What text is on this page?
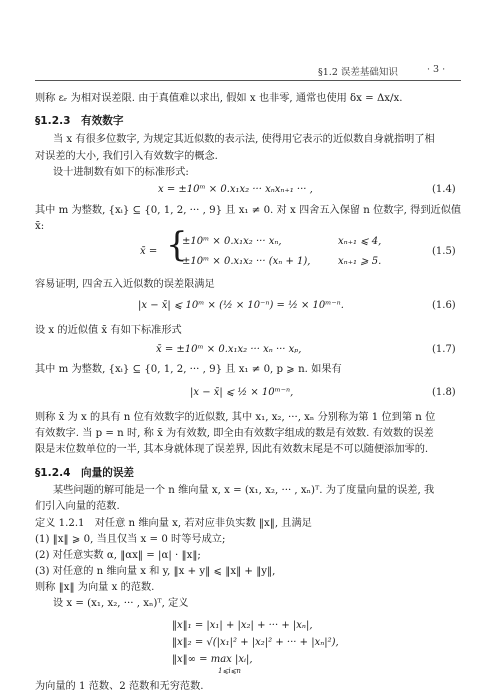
§1.2 误差基础知识	· 3 ·
则称 εᵣ 为相对误差限. 由于真值难以求出, 假如 x 也非零, 通常也使用 δx = Δx/x.
§1.2.3　有效数字
当 x 有很多位数字, 为规定其近似数的表示法, 使得用它表示的近似数自身就指明了相
对误差的大小, 我们引入有效数字的概念.
设十进制数有如下的标准形式:
x = ±10ᵐ × 0.x₁x₂ ··· xₙxₙ₊₁ ··· ,	(1.4)
其中 m 为整数, {xᵢ} ⊆ {0, 1, 2, ··· , 9} 且 x₁ ≠ 0. 对 x 四舍五入保留 n 位数字, 得到近似值
x̄:
x̄ = {
±10ᵐ × 0.x₁x₂ ··· xₙ,	xₙ₊₁ ⩽ 4,
±10ᵐ × 0.x₁x₂ ··· (xₙ + 1),	xₙ₊₁ ⩾ 5.
(1.5)
容易证明, 四舍五入近似数的误差限满足
|x − x̄| ⩽ 10ᵐ × (½ × 10⁻ⁿ) = ½ × 10ᵐ⁻ⁿ.	(1.6)
设 x 的近似值 x̄ 有如下标准形式
x̄ = ±10ᵐ × 0.x₁x₂ ··· xₙ ··· xₚ,	(1.7)
其中 m 为整数, {xᵢ} ⊆ {0, 1, 2, ··· , 9} 且 x₁ ≠ 0, p ⩾ n. 如果有
|x − x̄| ⩽ ½ × 10ᵐ⁻ⁿ,	(1.8)
则称 x̄ 为 x 的具有 n 位有效数字的近似数, 其中 x₁, x₂, ···, xₙ 分别称为第 1 位到第 n 位
有效数字. 当 p = n 时, 称 x̄ 为有效数, 即全由有效数字组成的数是有效数. 有效数的误差
限是末位数单位的一半, 其本身就体现了误差界, 因此有效数末尾是不可以随便添加零的.
§1.2.4　向量的误差
某些问题的解可能是一个 n 维向量 x, x = (x₁, x₂, ··· , xₙ)ᵀ. 为了度量向量的误差, 我
们引入向量的范数.
定义 1.2.1　对任意 n 维向量 x, 若对应非负实数 ‖x‖, 且满足
(1) ‖x‖ ⩾ 0, 当且仅当 x = 0 时等号成立;
(2) 对任意实数 α, ‖αx‖ = |α| · ‖x‖;
(3) 对任意的 n 维向量 x 和 y, ‖x + y‖ ⩽ ‖x‖ + ‖y‖,
则称 ‖x‖ 为向量 x 的范数.
设 x = (x₁, x₂, ··· , xₙ)ᵀ, 定义
‖x‖₁ = |x₁| + |x₂| + ··· + |xₙ|,
‖x‖₂ = √(|x₁|² + |x₂|² + ··· + |xₙ|²),
‖x‖∞ = max |xᵢ|,
1⩽i⩽n
为向量的 1 范数、2 范数和无穷范数.
